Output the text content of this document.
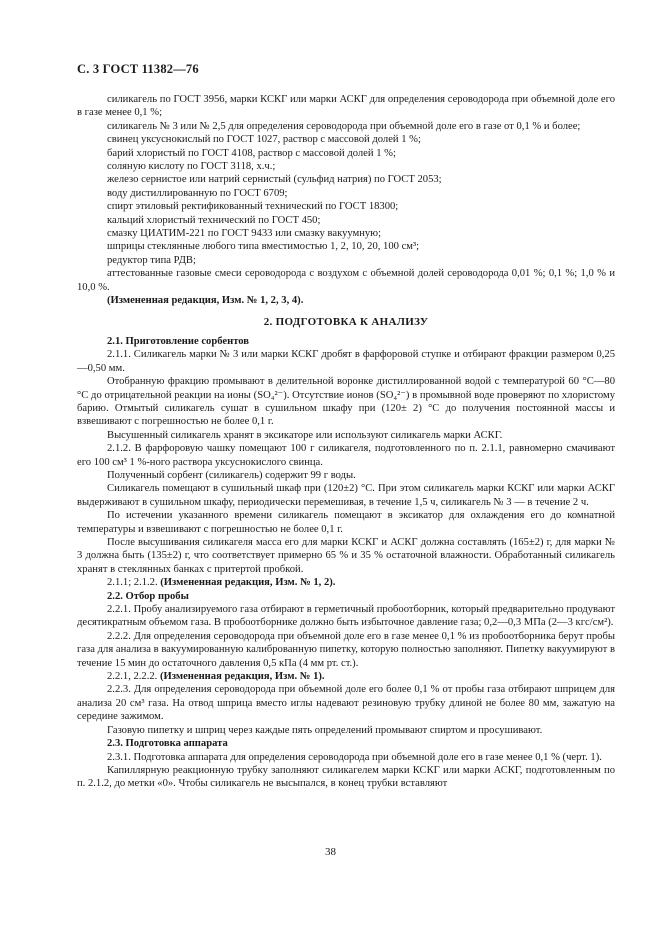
С. 3 ГОСТ 11382—76

силикагель по ГОСТ 3956, марки КСКГ или марки АСКГ для определения сероводорода при объемной доле его в газе менее 0,1 %;

силикагель № 3 или № 2,5 для определения сероводорода при объемной доле его в газе от 0,1 % и более;

свинец уксуснокислый по ГОСТ 1027, раствор с массовой долей 1 %;

барий хлористый по ГОСТ 4108, раствор с массовой долей 1 %;

соляную кислоту по ГОСТ 3118, х.ч.;

железо сернистое или натрий сернистый (сульфид натрия) по ГОСТ 2053;

воду дистиллированную по ГОСТ 6709;

спирт этиловый ректификованный технический по ГОСТ 18300;

кальций хлористый технический по ГОСТ 450;

смазку ЦИАТИМ-221 по ГОСТ 9433 или смазку вакуумную;

шприцы стеклянные любого типа вместимостью 1, 2, 10, 20, 100 см³;

редуктор типа РДВ;

аттестованные газовые смеси сероводорода с воздухом с объемной долей сероводорода 0,01 %; 0,1 %; 1,0 % и 10,0 %.

(Измененная редакция, Изм. № 1, 2, 3, 4).

2. ПОДГОТОВКА К АНАЛИЗУ

2.1. Приготовление сорбентов

2.1.1. Силикагель марки № 3 или марки КСКГ дробят в фарфоровой ступке и отбирают фракции размером 0,25—0,50 мм.

Отобранную фракцию промывают в делительной воронке дистиллированной водой с температурой 60 °С—80 °С до отрицательной реакции на ионы (SO₄²⁻). Отсутствие ионов (SO₄²⁻) в промывной воде проверяют по хлористому барию. Отмытый силикагель сушат в сушильном шкафу при (120± 2) °С до получения постоянной массы и взвешивают с погрешностью не более 0,1 г.

Высушенный силикагель хранят в эксикаторе или используют силикагель марки АСКГ.

2.1.2. В фарфоровую чашку помещают 100 г силикагеля, подготовленного по п. 2.1.1, равномерно смачивают его 100 см³ 1 %-ного раствора уксуснокислого свинца.

Полученный сорбент (силикагель) содержит 99 г воды.

Силикагель помещают в сушильный шкаф при (120±2) °С. При этом силикагель марки КСКГ или марки АСКГ выдерживают в сушильном шкафу, периодически перемешивая, в течение 1,5 ч, силикагель № 3 — в течение 2 ч.

По истечении указанного времени силикагель помещают в эксикатор для охлаждения его до комнатной температуры и взвешивают с погрешностью не более 0,1 г.

После высушивания силикагеля масса его для марки КСКГ и АСКГ должна составлять (165±2) г, для марки № 3 должна быть (135±2) г, что соответствует примерно 65 % и 35 % остаточной влажности. Обработанный силикагель хранят в стеклянных банках с притертой пробкой.

2.1.1; 2.1.2. (Измененная редакция, Изм. № 1, 2).

2.2. Отбор пробы

2.2.1. Пробу анализируемого газа отбирают в герметичный пробоотборник, который предварительно продувают десятикратным объемом газа. В пробоотборнике должно быть избыточное давление газа; 0,2—0,3 МПа (2—3 кгс/см²).

2.2.2. Для определения сероводорода при объемной доле его в газе менее 0,1 % из пробоотборника берут пробы газа для анализа в вакуумированную калиброванную пипетку, которую полностью заполняют. Пипетку вакуумируют в течение 15 мин до остаточного давления 0,5 кПа (4 мм рт. ст.).

2.2.1, 2.2.2. (Измененная редакция, Изм. № 1).

2.2.3. Для определения сероводорода при объемной доле его более 0,1 % от пробы газа отбирают шприцем для анализа 20 см³ газа. На отвод шприца вместо иглы надевают резиновую трубку длиной не более 80 мм, зажатую на середине зажимом.

Газовую пипетку и шприц через каждые пять определений промывают спиртом и просушивают.

2.3. Подготовка аппарата

2.3.1. Подготовка аппарата для определения сероводорода при объемной доле его в газе менее 0,1 % (черт. 1).

Капиллярную реакционную трубку заполняют силикагелем марки КСКГ или марки АСКГ, подготовленным по п. 2.1.2, до метки «0». Чтобы силикагель не высыпался, в конец трубки вставляют

38
